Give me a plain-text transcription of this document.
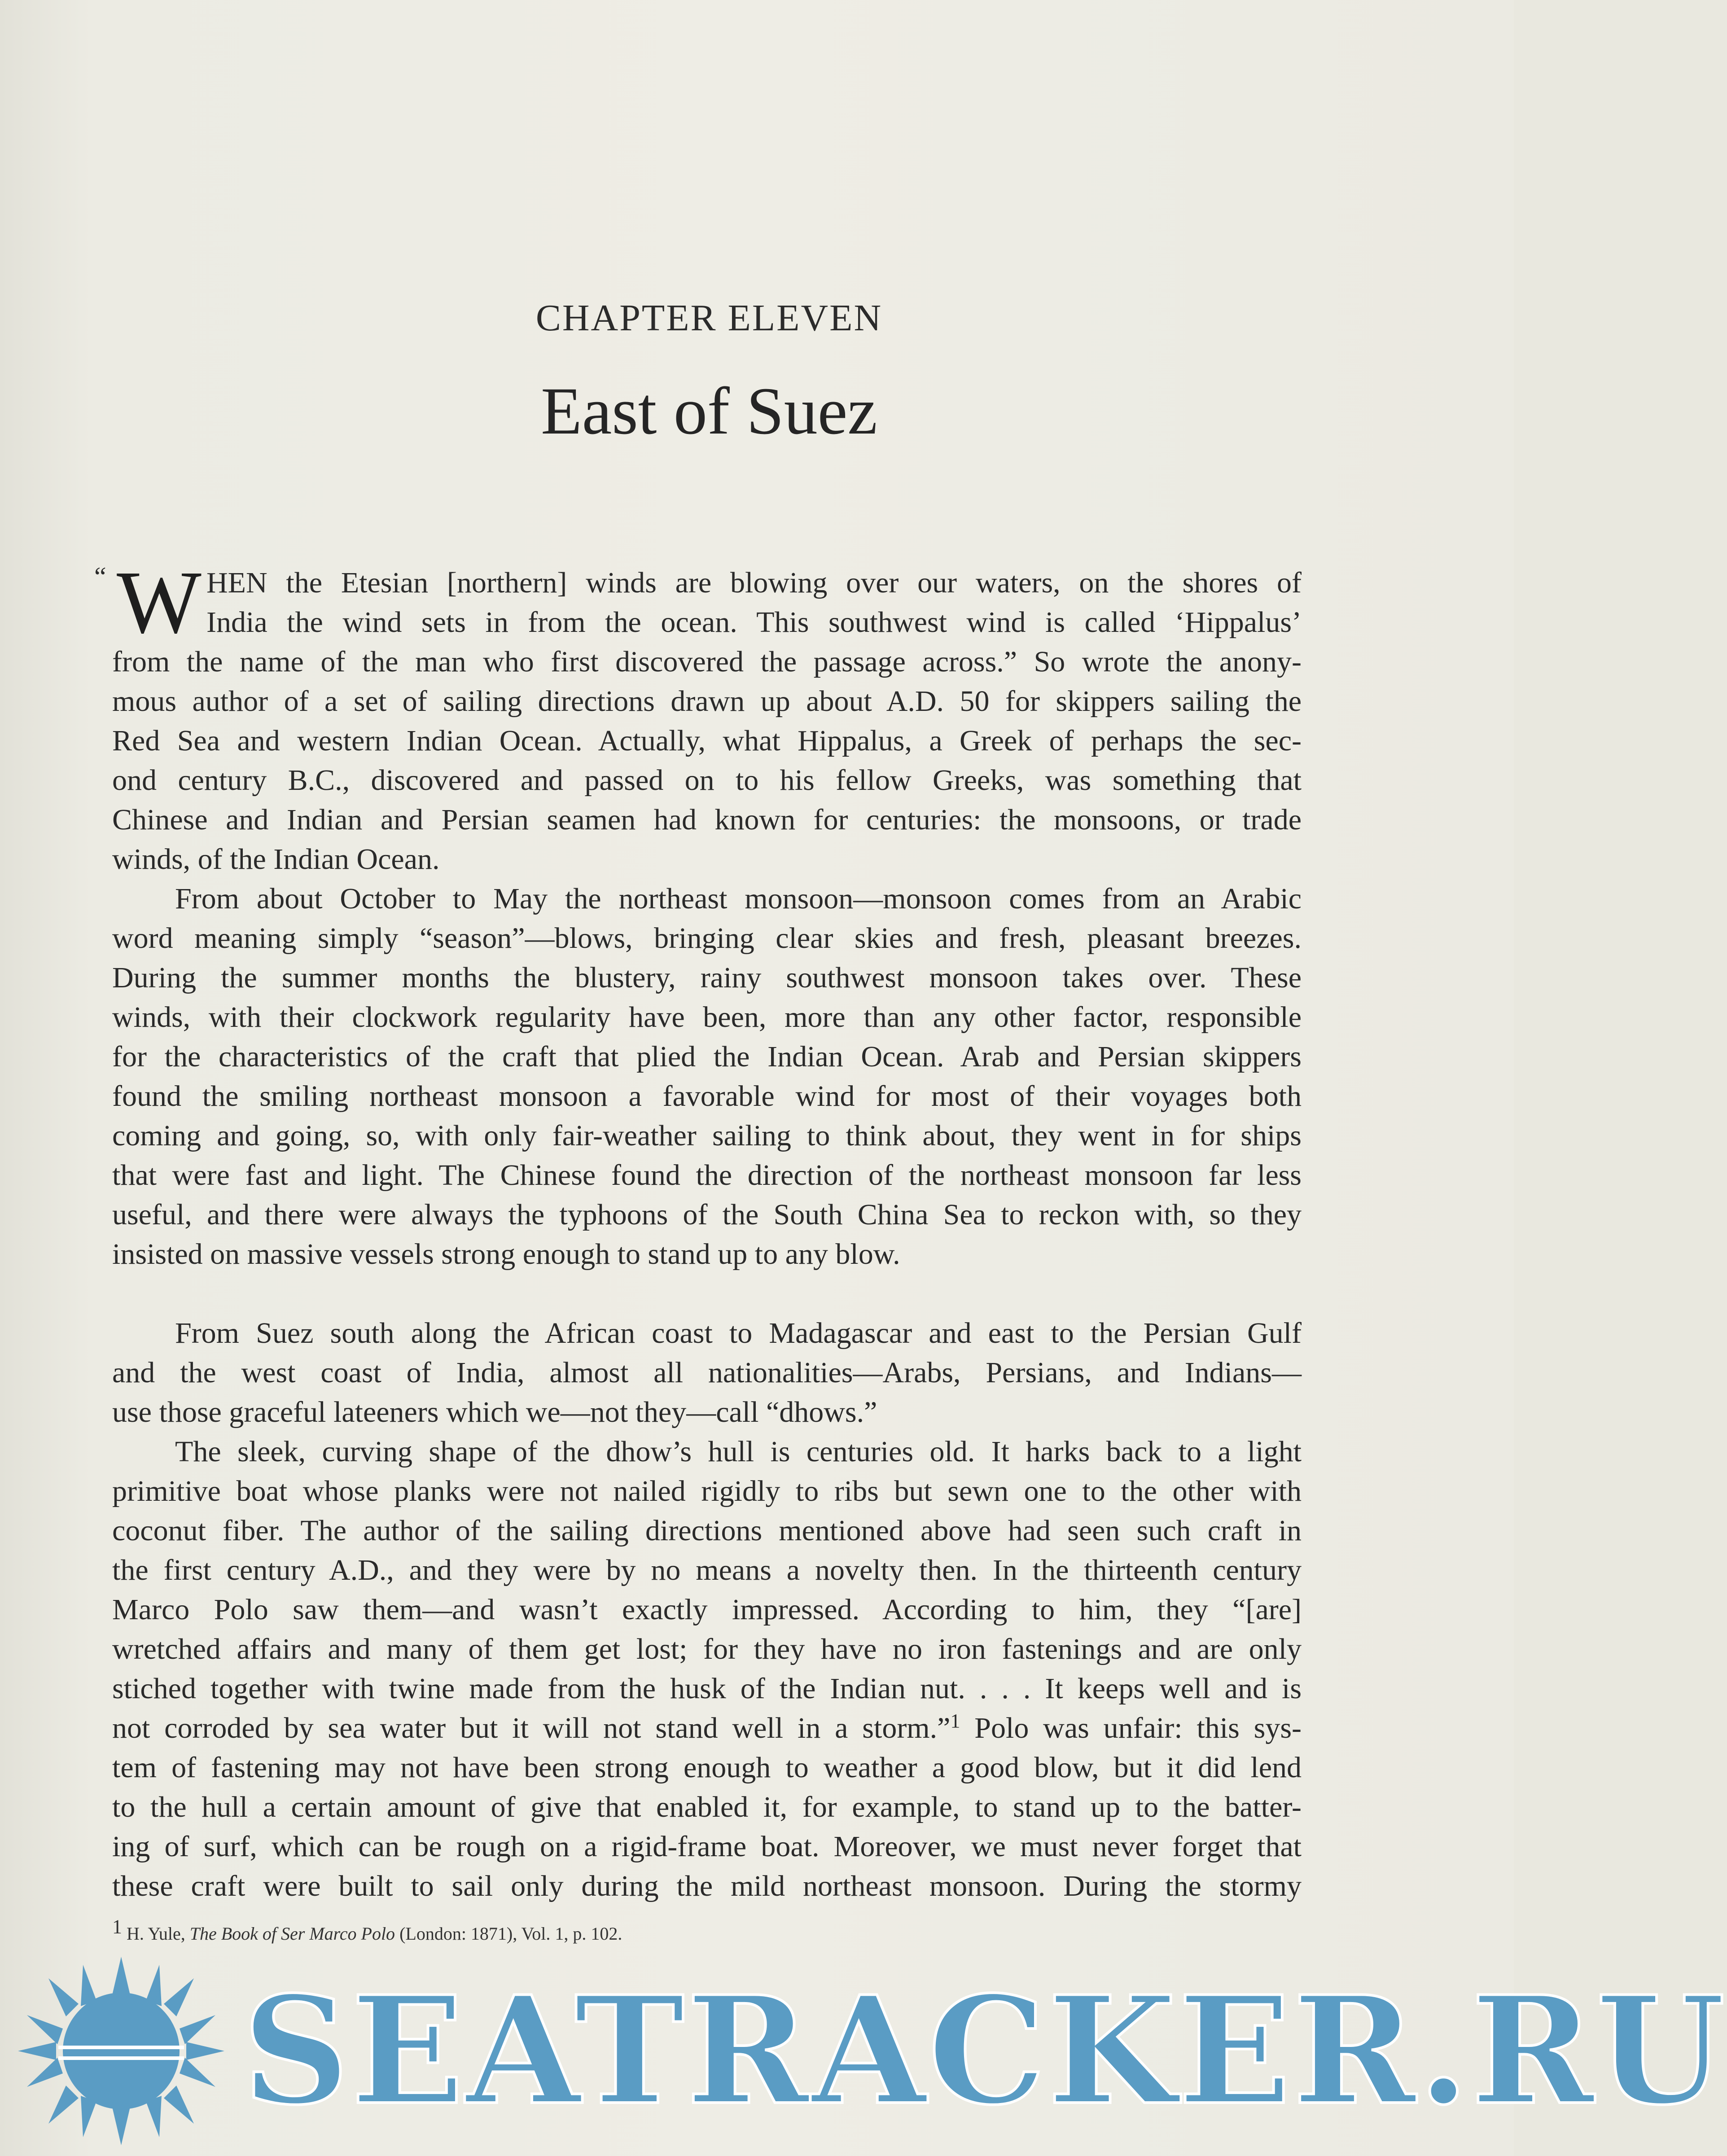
CHAPTER ELEVEN
East of Suez
“ W HEN the Etesian [northern] winds are blowing over our waters, on the shores of
India the wind sets in from the ocean. This southwest wind is called ‘Hippalus’
from the name of the man who first discovered the passage across.” So wrote the anony-
mous author of a set of sailing directions drawn up about A.D. 50 for skippers sailing the
Red Sea and western Indian Ocean. Actually, what Hippalus, a Greek of perhaps the sec-
ond century B.C., discovered and passed on to his fellow Greeks, was something that
Chinese and Indian and Persian seamen had known for centuries: the monsoons, or trade
winds, of the Indian Ocean.
From about October to May the northeast monsoon—monsoon comes from an Arabic
word meaning simply “season”—blows, bringing clear skies and fresh, pleasant breezes.
During the summer months the blustery, rainy southwest monsoon takes over. These
winds, with their clockwork regularity have been, more than any other factor, responsible
for the characteristics of the craft that plied the Indian Ocean. Arab and Persian skippers
found the smiling northeast monsoon a favorable wind for most of their voyages both
coming and going, so, with only fair-weather sailing to think about, they went in for ships
that were fast and light. The Chinese found the direction of the northeast monsoon far less
useful, and there were always the typhoons of the South China Sea to reckon with, so they
insisted on massive vessels strong enough to stand up to any blow.
From Suez south along the African coast to Madagascar and east to the Persian Gulf
and the west coast of India, almost all nationalities—Arabs, Persians, and Indians—
use those graceful lateeners which we—not they—call “dhows.”
The sleek, curving shape of the dhow’s hull is centuries old. It harks back to a light
primitive boat whose planks were not nailed rigidly to ribs but sewn one to the other with
coconut fiber. The author of the sailing directions mentioned above had seen such craft in
the first century A.D., and they were by no means a novelty then. In the thirteenth century
Marco Polo saw them—and wasn’t exactly impressed. According to him, they “[are]
wretched affairs and many of them get lost; for they have no iron fastenings and are only
stiched together with twine made from the husk of the Indian nut. . . . It keeps well and is
not corroded by sea water but it will not stand well in a storm.”$^1$ Polo was unfair: this sys-
tem of fastening may not have been strong enough to weather a good blow, but it did lend
to the hull a certain amount of give that enabled it, for example, to stand up to the batter-
ing of surf, which can be rough on a rigid-frame boat. Moreover, we must never forget that
these craft were built to sail only during the mild northeast monsoon. During the stormy
$^1$ H. Yule, The Book of Ser Marco Polo (London: 1871), Vol. 1, p. 102.
SEATRACKER.RU
